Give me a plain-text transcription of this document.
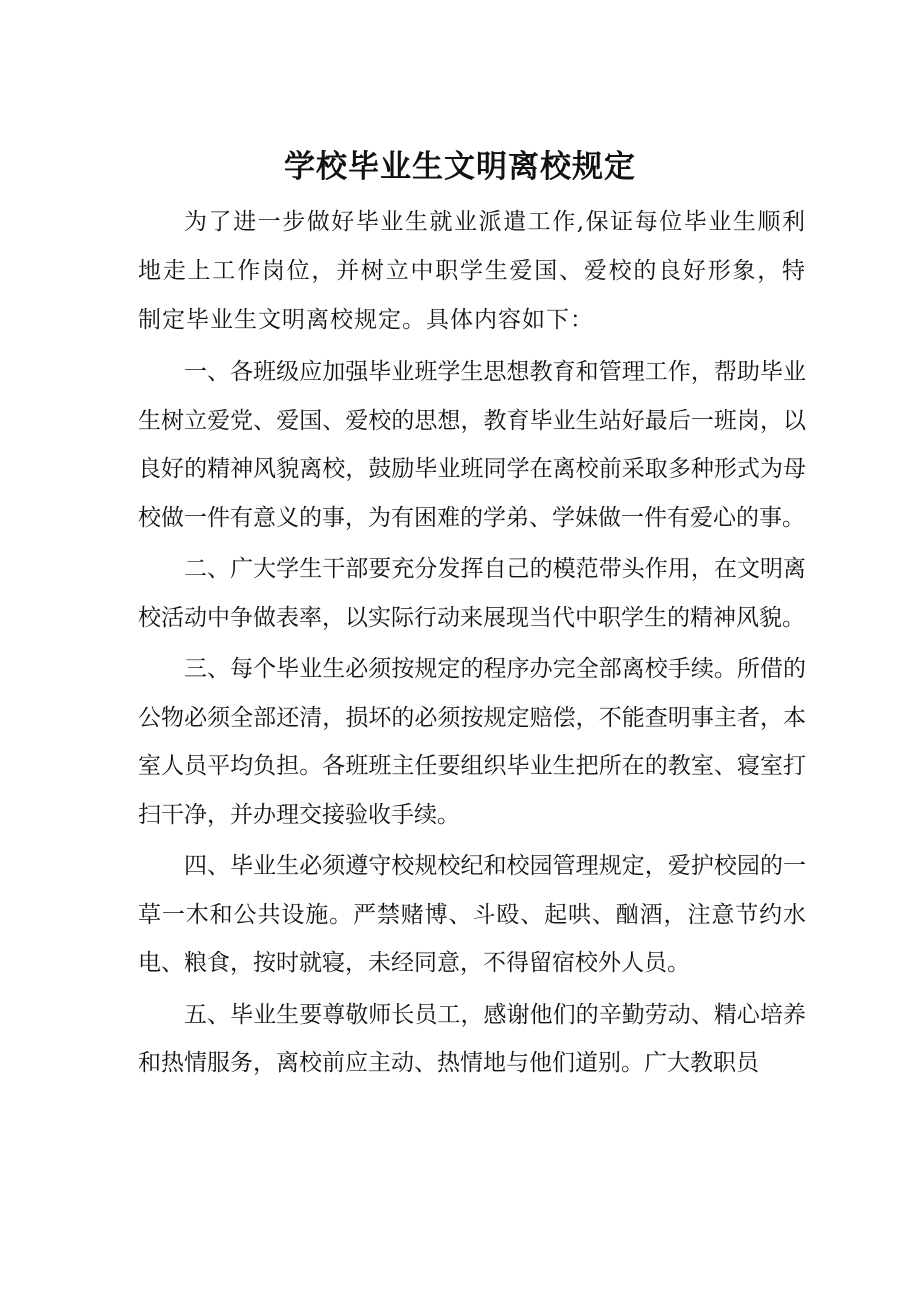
学校毕业生文明离校规定

为了进一步做好毕业生就业派遣工作,保证每位毕业生顺利地走上工作岗位，并树立中职学生爱国、爱校的良好形象，特制定毕业生文明离校规定。具体内容如下：

一、各班级应加强毕业班学生思想教育和管理工作，帮助毕业生树立爱党、爱国、爱校的思想，教育毕业生站好最后一班岗，以良好的精神风貌离校，鼓励毕业班同学在离校前采取多种形式为母校做一件有意义的事，为有困难的学弟、学妹做一件有爱心的事。

二、广大学生干部要充分发挥自己的模范带头作用，在文明离校活动中争做表率，以实际行动来展现当代中职学生的精神风貌。

三、每个毕业生必须按规定的程序办完全部离校手续。所借的公物必须全部还清，损坏的必须按规定赔偿，不能查明事主者，本室人员平均负担。各班班主任要组织毕业生把所在的教室、寝室打扫干净，并办理交接验收手续。

四、毕业生必须遵守校规校纪和校园管理规定，爱护校园的一草一木和公共设施。严禁赌博、斗殴、起哄、酗酒，注意节约水电、粮食，按时就寝，未经同意，不得留宿校外人员。

五、毕业生要尊敬师长员工，感谢他们的辛勤劳动、精心培养和热情服务，离校前应主动、热情地与他们道别。广大教职员
